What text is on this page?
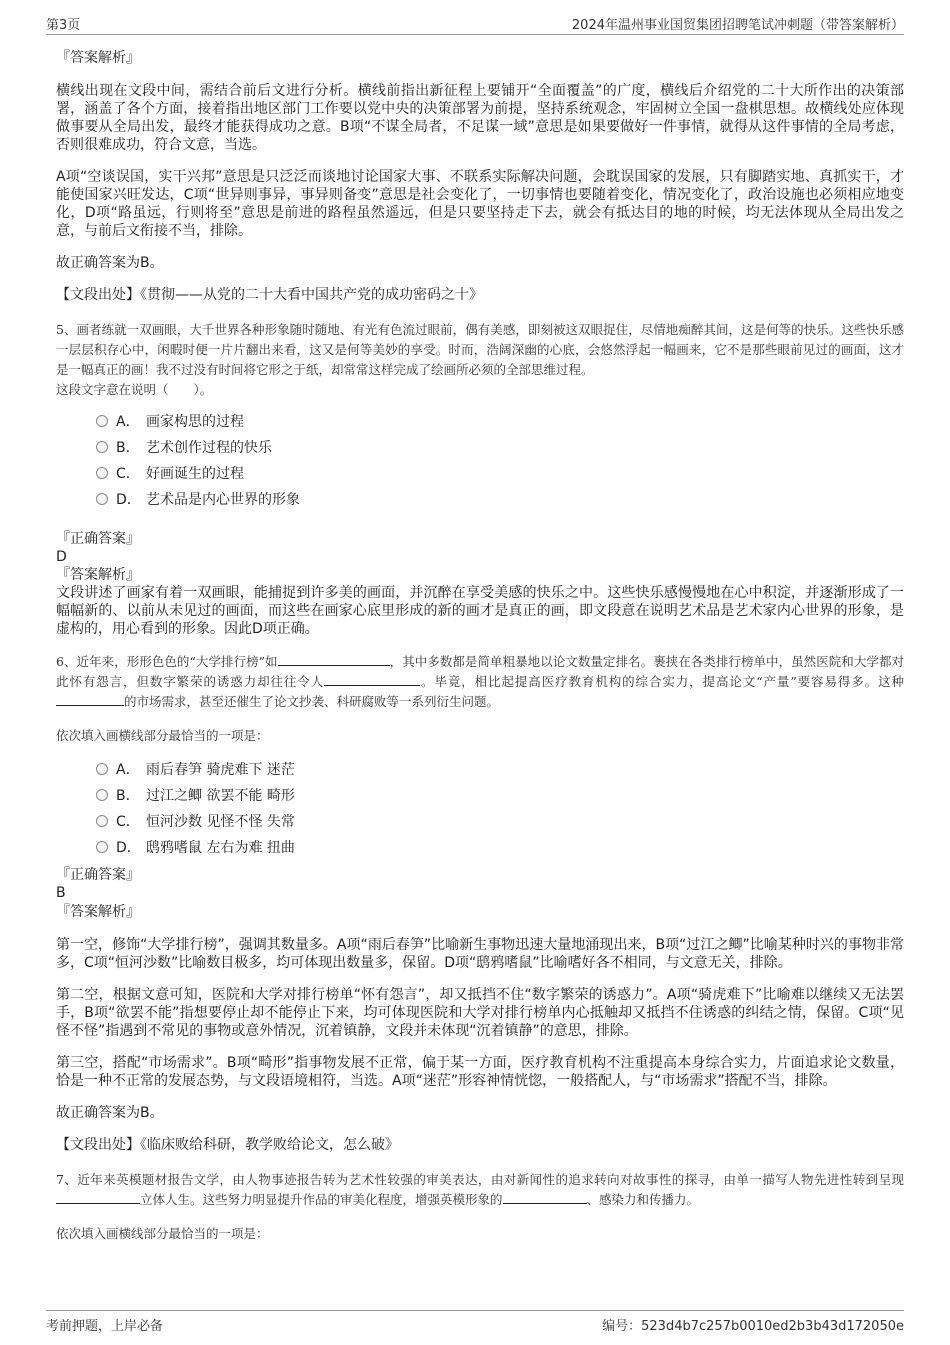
第3页	2024年温州事业国贸集团招聘笔试冲刺题（带答案解析）
『答案解析』

横线出现在文段中间，需结合前后文进行分析。横线前指出新征程上要铺开“全面覆盖”的广度，横线后介绍党的二十大所作出的决策部署，涵盖了各个方面，接着指出地区部门工作要以党中央的决策部署为前提，坚持系统观念，牢固树立全国一盘棋思想。故横线处应体现做事要从全局出发，最终才能获得成功之意。B项“不谋全局者，不足谋一域”意思是如果要做好一件事情，就得从这件事情的全局考虑，否则很难成功，符合文意，当选。

A项“空谈误国，实干兴邦”意思是只泛泛而谈地讨论国家大事、不联系实际解决问题，会耽误国家的发展，只有脚踏实地、真抓实干，才能使国家兴旺发达，C项“世异则事异，事异则备变”意思是社会变化了，一切事情也要随着变化，情况变化了，政治设施也必须相应地变化，D项“路虽远，行则将至”意思是前进的路程虽然遥远，但是只要坚持走下去，就会有抵达目的地的时候，均无法体现从全局出发之意，与前后文衔接不当，排除。

故正确答案为B。

【文段出处】《贯彻——从党的二十大看中国共产党的成功密码之十》

5、画者练就一双画眼，大千世界各种形象随时随地、有光有色流过眼前，偶有美感，即刻被这双眼捉住，尽情地痴醉其间，这是何等的快乐。这些快乐感一层层积存心中，闲暇时便一片片翻出来看，这又是何等美妙的享受。时而，浩阔深幽的心底，会悠然浮起一幅画来，它不是那些眼前见过的画面，这才是一幅真正的画！我不过没有时间将它形之于纸，却常常这样完成了绘画所必须的全部思维过程。

这段文字意在说明（　　）。
A． 画家构思的过程
B． 艺术创作过程的快乐
C． 好画诞生的过程
D． 艺术品是内心世界的形象
『正确答案』
D
『答案解析』

文段讲述了画家有着一双画眼，能捕捉到许多美的画面，并沉醉在享受美感的快乐之中。这些快乐感慢慢地在心中积淀，并逐渐形成了一幅幅新的、以前从未见过的画面，而这些在画家心底里形成的新的画才是真正的画，即文段意在说明艺术品是艺术家内心世界的形象，是虚构的，用心看到的形象。因此D项正确。

6、近年来，形形色色的“大学排行榜”如	，其中多数都是简单粗暴地以论文数量定排名。裹挟在各类排行榜单中，虽然医院和大学都对此怀有怨言，但数字繁荣的诱惑力却往往令人	。毕竟，相比起提高医疗教育机构的综合实力，提高论文“产量”要容易得多。这种的市场需求，甚至还催生了论文抄袭、科研腐败等一系列衍生问题。

依次填入画横线部分最恰当的一项是：
A． 雨后春笋 骑虎难下 迷茫
B． 过江之鲫 欲罢不能 畸形
C． 恒河沙数 见怪不怪 失常
D． 鸱鸦嗜鼠 左右为难 扭曲
『正确答案』
B
『答案解析』

第一空，修饰“大学排行榜”，强调其数量多。A项“雨后春笋”比喻新生事物迅速大量地涌现出来，B项“过江之鲫”比喻某种时兴的事物非常多，C项“恒河沙数”比喻数目极多，均可体现出数量多，保留。D项“鸱鸦嗜鼠”比喻嗜好各不相同，与文意无关，排除。

第二空，根据文意可知，医院和大学对排行榜单“怀有怨言”，却又抵挡不住“数字繁荣的诱惑力”。A项“骑虎难下”比喻难以继续又无法罢手，B项“欲罢不能”指想要停止却不能停止下来，均可体现医院和大学对排行榜单内心抵触却又抵挡不住诱惑的纠结之情，保留。C项“见怪不怪”指遇到不常见的事物或意外情况，沉着镇静，文段并未体现“沉着镇静”的意思，排除。

第三空，搭配“市场需求”。B项“畸形”指事物发展不正常，偏于某一方面，医疗教育机构不注重提高本身综合实力，片面追求论文数量，恰是一种不正常的发展态势，与文段语境相符，当选。A项“迷茫”形容神情恍惚，一般搭配人，与“市场需求”搭配不当，排除。

故正确答案为B。

【文段出处】《临床败给科研，教学败给论文，怎么破》

7、近年来英模题材报告文学，由人物事迹报告转为艺术性较强的审美表达，由对新闻性的追求转向对故事性的探寻，由单一描写人物先进性转到呈现立体人生。这些努力明显提升作品的审美化程度，增强英模形象的	、感染力和传播力。

依次填入画横线部分最恰当的一项是：
考前押题，上岸必备	编号：523d4b7c257b0010ed2b3b43d172050e
